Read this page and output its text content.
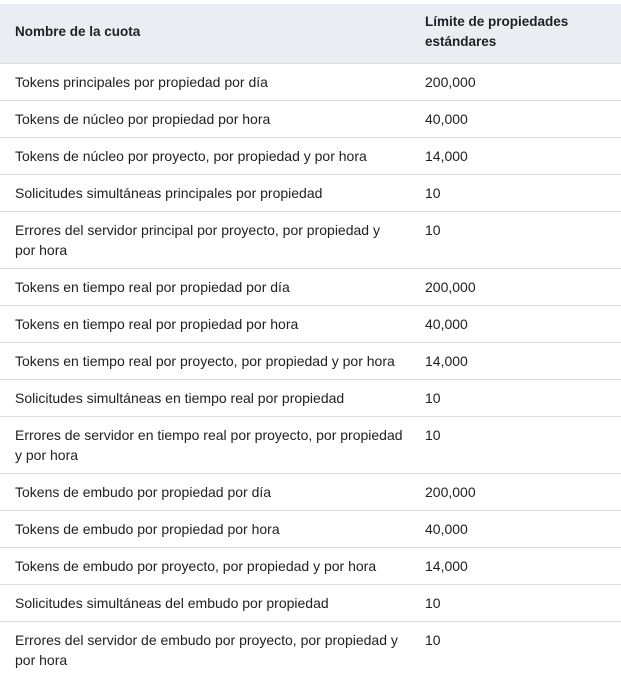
Nombre de la cuota	Límite de propiedades estándares
Tokens principales por propiedad por día	200,000
Tokens de núcleo por propiedad por hora	40,000
Tokens de núcleo por proyecto, por propiedad y por hora	14,000
Solicitudes simultáneas principales por propiedad	10
Errores del servidor principal por proyecto, por propiedad y por hora	10
Tokens en tiempo real por propiedad por día	200,000
Tokens en tiempo real por propiedad por hora	40,000
Tokens en tiempo real por proyecto, por propiedad y por hora	14,000
Solicitudes simultáneas en tiempo real por propiedad	10
Errores de servidor en tiempo real por proyecto, por propiedad y por hora	10
Tokens de embudo por propiedad por día	200,000
Tokens de embudo por propiedad por hora	40,000
Tokens de embudo por proyecto, por propiedad y por hora	14,000
Solicitudes simultáneas del embudo por propiedad	10
Errores del servidor de embudo por proyecto, por propiedad y por hora	10
